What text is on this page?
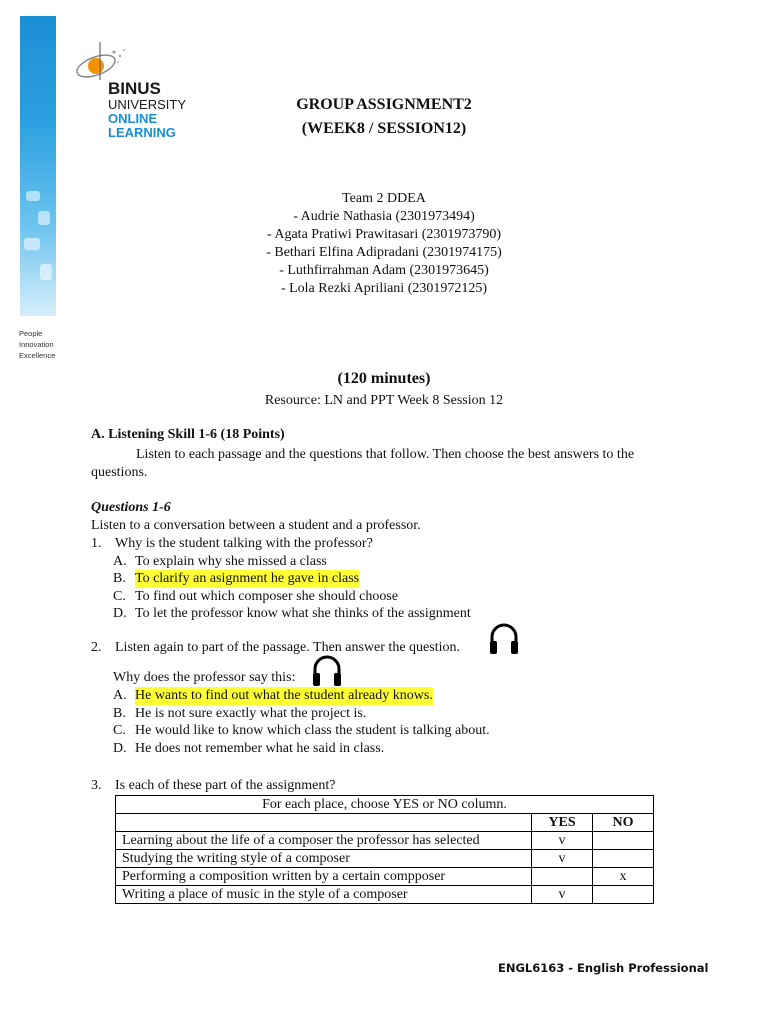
BINUS
UNIVERSITY
ONLINE
LEARNING
People
Innovation
Excellence
GROUP ASSIGNMENT2
(WEEK8 / SESSION12)
Team 2 DDEA
- Audrie Nathasia (2301973494)
- Agata Pratiwi Prawitasari (2301973790)
- Bethari Elfina Adipradani (2301974175)
- Luthfirrahman Adam (2301973645)
- Lola Rezki Apriliani (2301972125)
(120 minutes)
Resource: LN and PPT Week 8 Session 12
A. Listening Skill 1-6 (18 Points)
Listen to each passage and the questions that follow. Then choose the best answers to the
questions.
Questions 1-6
Listen to a conversation between a student and a professor.
1. Why is the student talking with the professor?
A. To explain why she missed a class
B. To clarify an asignment he gave in class
C. To find out which composer she should choose
D. To let the professor know what she thinks of the assignment
2. Listen again to part of the passage. Then answer the question.
Why does the professor say this:
A. He wants to find out what the student already knows.
B. He is not sure exactly what the project is.
C. He would like to know which class the student is talking about.
D. He does not remember what he said in class.
3. Is each of these part of the assignment?
For each place, choose YES or NO column.		
	YES	NO
Learning about the life of a composer the professor has selected	v	
Studying the writing style of a composer	v	
Performing a composition written by a certain compposer		x
Writing a place of music in the style of a composer	v	
ENGL6163 - English Professional
